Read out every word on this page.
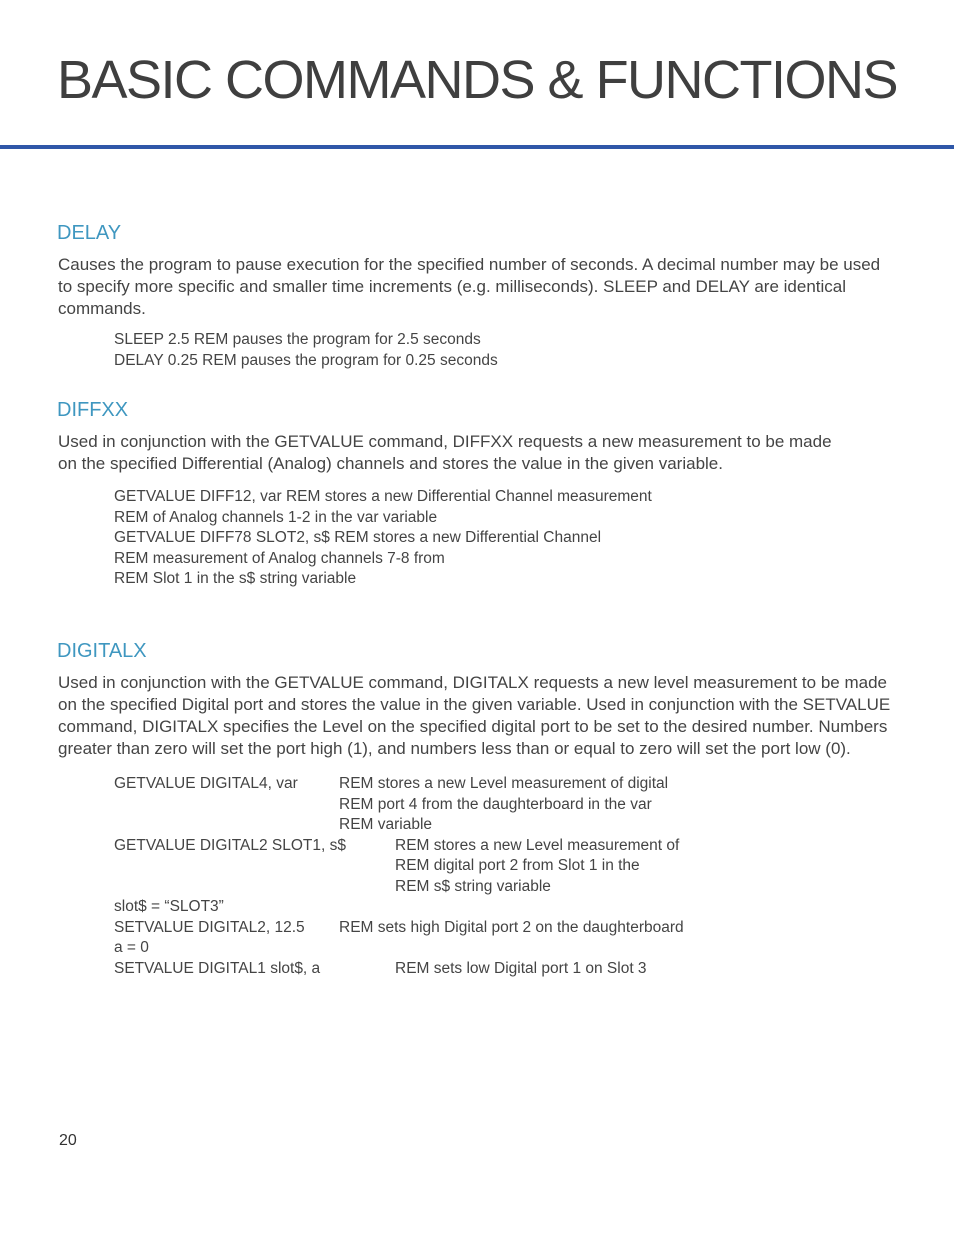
BASIC COMMANDS & FUNCTIONS
DELAY

Causes the program to pause execution for the specified number of seconds. A decimal number may be used to specify more specific and smaller time increments (e.g. milliseconds). SLEEP and DELAY are identical commands.

SLEEP 2.5 REM pauses the program for 2.5 seconds
DELAY 0.25 REM pauses the program for 0.25 seconds
DIFFXX

Used in conjunction with the GETVALUE command, DIFFXX requests a new measurement to be made on the specified Differential (Analog) channels and stores the value in the given variable.

GETVALUE DIFF12, var REM stores a new Differential Channel measurement
REM of Analog channels 1-2 in the var variable
GETVALUE DIFF78 SLOT2, s$ REM stores a new Differential Channel
REM measurement of Analog channels 7-8 from
REM Slot 1 in the s$ string variable
DIGITALX

Used in conjunction with the GETVALUE command, DIGITALX requests a new level measurement to be made on the specified Digital port and stores the value in the given variable. Used in conjunction with the SETVALUE command, DIGITALX specifies the Level on the specified digital port to be set to the desired number. Numbers greater than zero will set the port high (1), and numbers less than or equal to zero will set the port low (0).

GETVALUE DIGITAL4, var	REM stores a new Level measurement of digital
REM port 4 from the daughterboard in the var
REM variable
GETVALUE DIGITAL2 SLOT1, s$	REM stores a new Level measurement of
REM digital port 2 from Slot 1 in the
REM s$ string variable
slot$ = “SLOT3”
SETVALUE DIGITAL2, 12.5 REM sets high Digital port 2 on the daughterboard
a = 0
SETVALUE DIGITAL1 slot$, a	REM sets low Digital port 1 on Slot 3
20
